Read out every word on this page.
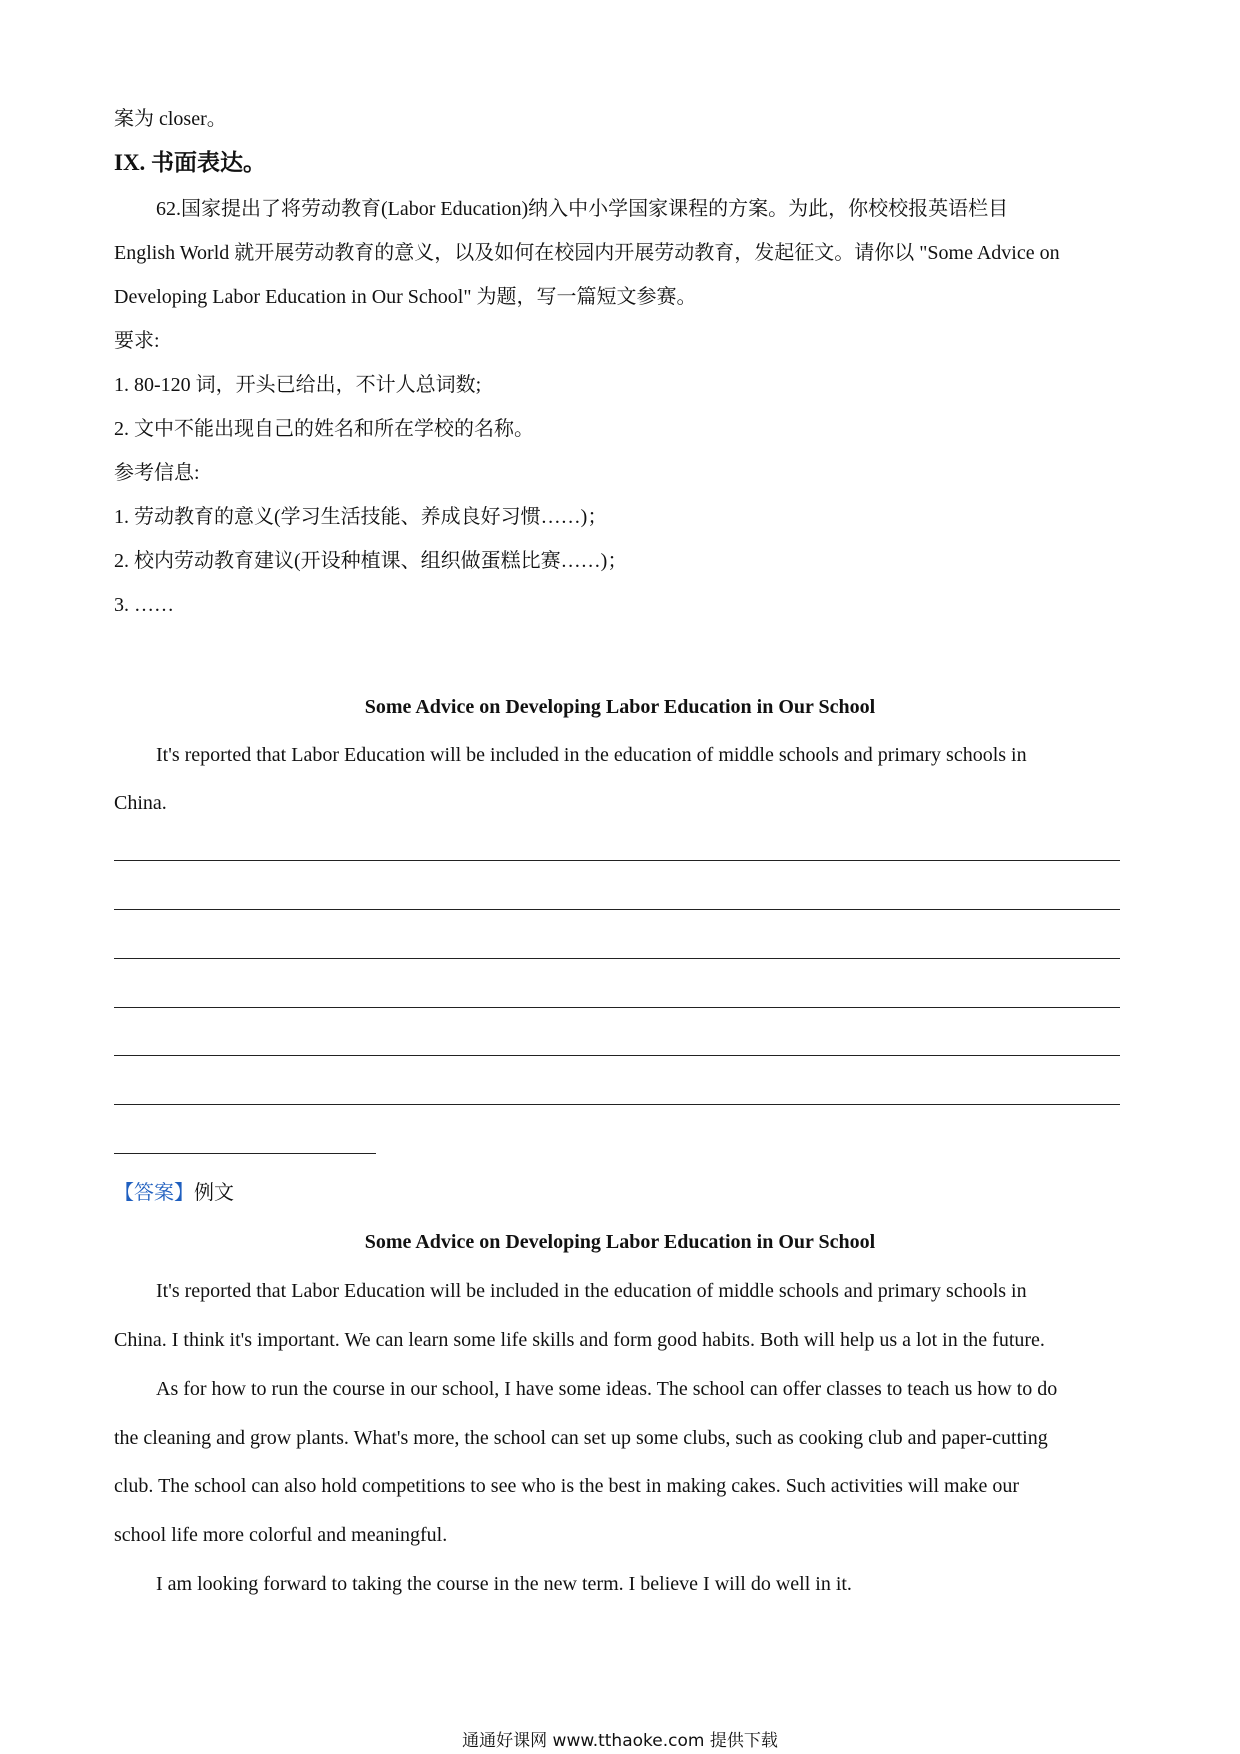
案为 closer。
IX. 书面表达。
62.国家提出了将劳动教育(Labor Education)纳入中小学国家课程的方案。为此，你校校报英语栏目
English World 就开展劳动教育的意义，以及如何在校园内开展劳动教育，发起征文。请你以 "Some Advice on
Developing Labor Education in Our School" 为题，写一篇短文参赛。
要求:
1. 80-120 词，开头已给出，不计人总词数;
2. 文中不能出现自己的姓名和所在学校的名称。
参考信息:
1. 劳动教育的意义(学习生活技能、养成良好习惯……)；
2. 校内劳动教育建议(开设种植课、组织做蛋糕比赛……)；
3. ……
Some Advice on Developing Labor Education in Our School
It's reported that Labor Education will be included in the education of middle schools and primary schools in
China.
【答案】例文
Some Advice on Developing Labor Education in Our School
It's reported that Labor Education will be included in the education of middle schools and primary schools in
China. I think it's important. We can learn some life skills and form good habits. Both will help us a lot in the future.
As for how to run the course in our school, I have some ideas. The school can offer classes to teach us how to do
the cleaning and grow plants. What's more, the school can set up some clubs, such as cooking club and paper-cutting
club. The school can also hold competitions to see who is the best in making cakes. Such activities will make our
school life more colorful and meaningful.
I am looking forward to taking the course in the new term. I believe I will do well in it.
通通好课网 www.tthaoke.com 提供下载
